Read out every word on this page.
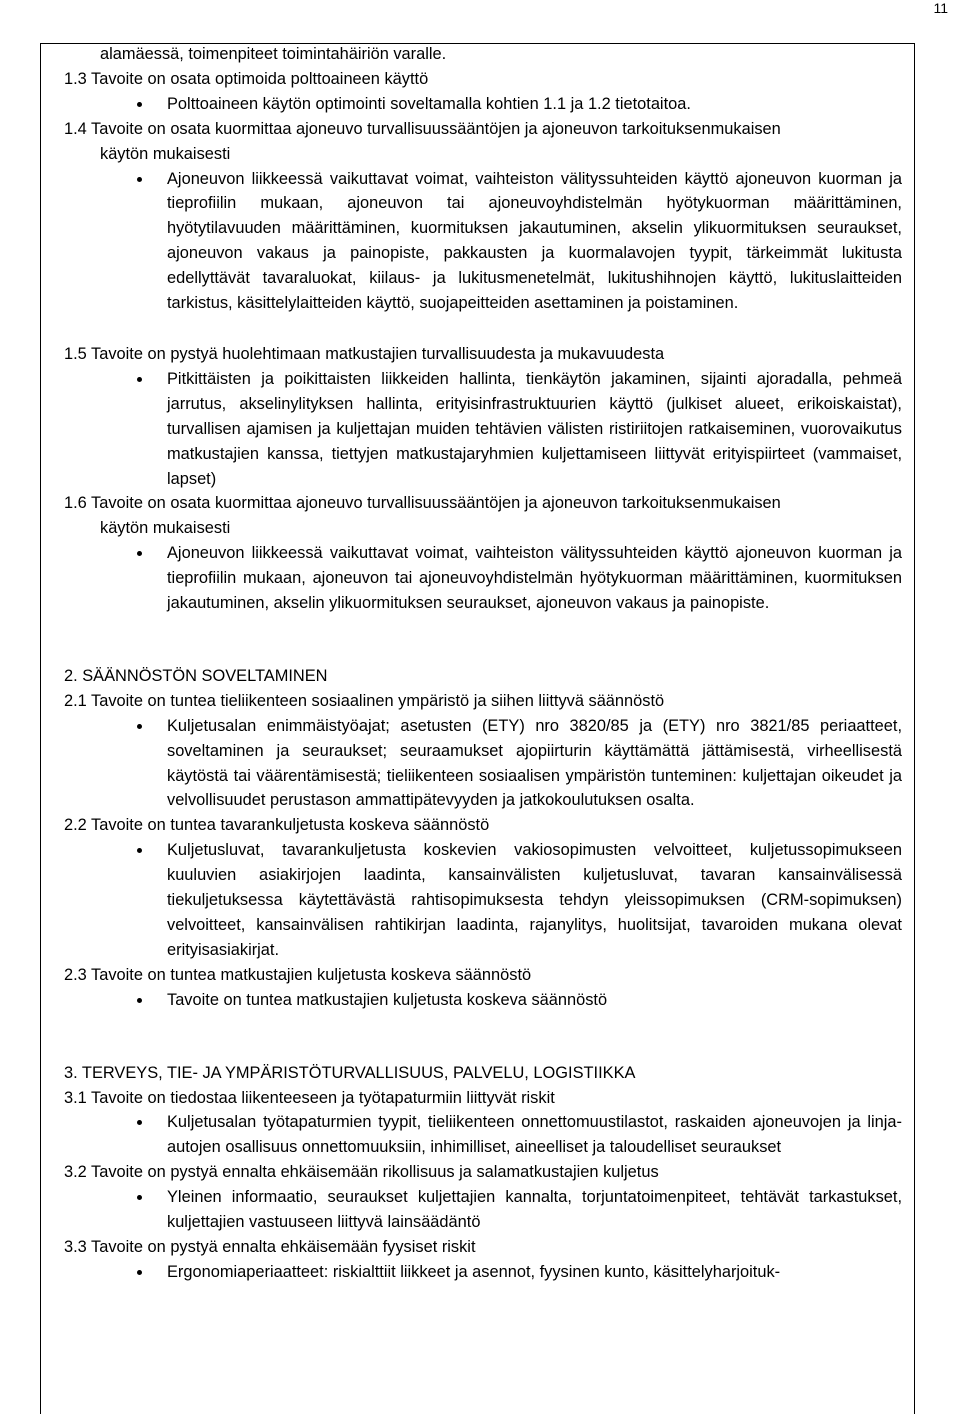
11

alamäessä, toimenpiteet toimintahäiriön varalle.

1.3 Tavoite on osata optimoida polttoaineen käyttö

Polttoaineen käytön optimointi soveltamalla kohtien 1.1 ja 1.2 tietotaitoa.

1.4 Tavoite on osata kuormittaa ajoneuvo turvallisuussääntöjen ja ajoneuvon tarkoituksenmukaisen

käytön mukaisesti

Ajoneuvon liikkeessä vaikuttavat voimat, vaihteiston välityssuhteiden käyttö ajoneuvon kuorman ja tieprofiilin mukaan, ajoneuvon tai ajoneuvoyhdistelmän hyötykuorman määrittäminen, hyötytilavuuden määrittäminen, kuormituksen jakautuminen, akselin ylikuormituksen seuraukset, ajoneuvon vakaus ja painopiste, pakkausten ja kuormalavojen tyypit, tärkeimmät lukitusta edellyttävät tavaraluokat, kiilaus- ja lukitusmenetelmät, lukitushihnojen käyttö, lukituslaitteiden tarkistus, käsittelylaitteiden käyttö, suojapeitteiden asettaminen ja poistaminen.

1.5 Tavoite on pystyä huolehtimaan matkustajien turvallisuudesta ja mukavuudesta

Pitkittäisten ja poikittaisten liikkeiden hallinta, tienkäytön jakaminen, sijainti ajoradalla, pehmeä jarrutus, akselinylityksen hallinta, erityisinfrastruktuurien käyttö (julkiset alueet, erikoiskaistat), turvallisen ajamisen ja kuljettajan muiden tehtävien välisten ristiriitojen ratkaiseminen, vuorovaikutus matkustajien kanssa, tiettyjen matkustajaryhmien kuljettamiseen liittyvät erityispiirteet (vammaiset, lapset)

1.6 Tavoite on osata kuormittaa ajoneuvo turvallisuussääntöjen ja ajoneuvon tarkoituksenmukaisen

käytön mukaisesti

Ajoneuvon liikkeessä vaikuttavat voimat, vaihteiston välityssuhteiden käyttö ajoneuvon kuorman ja tieprofiilin mukaan, ajoneuvon tai ajoneuvoyhdistelmän hyötykuorman määrittäminen, kuormituksen jakautuminen, akselin ylikuormituksen seuraukset, ajoneuvon vakaus ja painopiste.

2. SÄÄNNÖSTÖN SOVELTAMINEN

2.1 Tavoite on tuntea tieliikenteen sosiaalinen ympäristö ja siihen liittyvä säännöstö

Kuljetusalan enimmäistyöajat; asetusten (ETY) nro 3820/85 ja (ETY) nro 3821/85 periaatteet, soveltaminen ja seuraukset; seuraamukset ajopiirturin käyttämättä jättämisestä, virheellisestä käytöstä tai väärentämisestä; tieliikenteen sosiaalisen ympäristön tunteminen: kuljettajan oikeudet ja velvollisuudet perustason ammattipätevyyden ja jatkokoulutuksen osalta.

2.2 Tavoite on tuntea tavarankuljetusta koskeva säännöstö

Kuljetusluvat, tavarankuljetusta koskevien vakiosopimusten velvoitteet, kuljetussopimukseen kuuluvien asiakirjojen laadinta, kansainvälisten kuljetusluvat, tavaran kansainvälisessä tiekuljetuksessa käytettävästä rahtisopimuksesta tehdyn yleissopimuksen (CRM-sopimuksen) velvoitteet, kansainvälisen rahtikirjan laadinta, rajanylitys, huolitsijat, tavaroiden mukana olevat erityisasiakirjat.

2.3 Tavoite on tuntea matkustajien kuljetusta koskeva säännöstö

Tavoite on tuntea matkustajien kuljetusta koskeva säännöstö

3. TERVEYS, TIE- JA YMPÄRISTÖTURVALLISUUS, PALVELU, LOGISTIIKKA

3.1 Tavoite on tiedostaa liikenteeseen ja työtapaturmiin liittyvät riskit

Kuljetusalan työtapaturmien tyypit, tieliikenteen onnettomuustilastot, raskaiden ajoneuvojen ja linja-autojen osallisuus onnettomuuksiin, inhimilliset, aineelliset ja taloudelliset seuraukset

3.2 Tavoite on pystyä ennalta ehkäisemään rikollisuus ja salamatkustajien kuljetus

Yleinen informaatio, seuraukset kuljettajien kannalta, torjuntatoimenpiteet, tehtävät tarkastukset, kuljettajien vastuuseen liittyvä lainsäädäntö

3.3 Tavoite on pystyä ennalta ehkäisemään fyysiset riskit

Ergonomiaperiaatteet: riskialttiit liikkeet ja asennot, fyysinen kunto, käsittelyharjoituk-
